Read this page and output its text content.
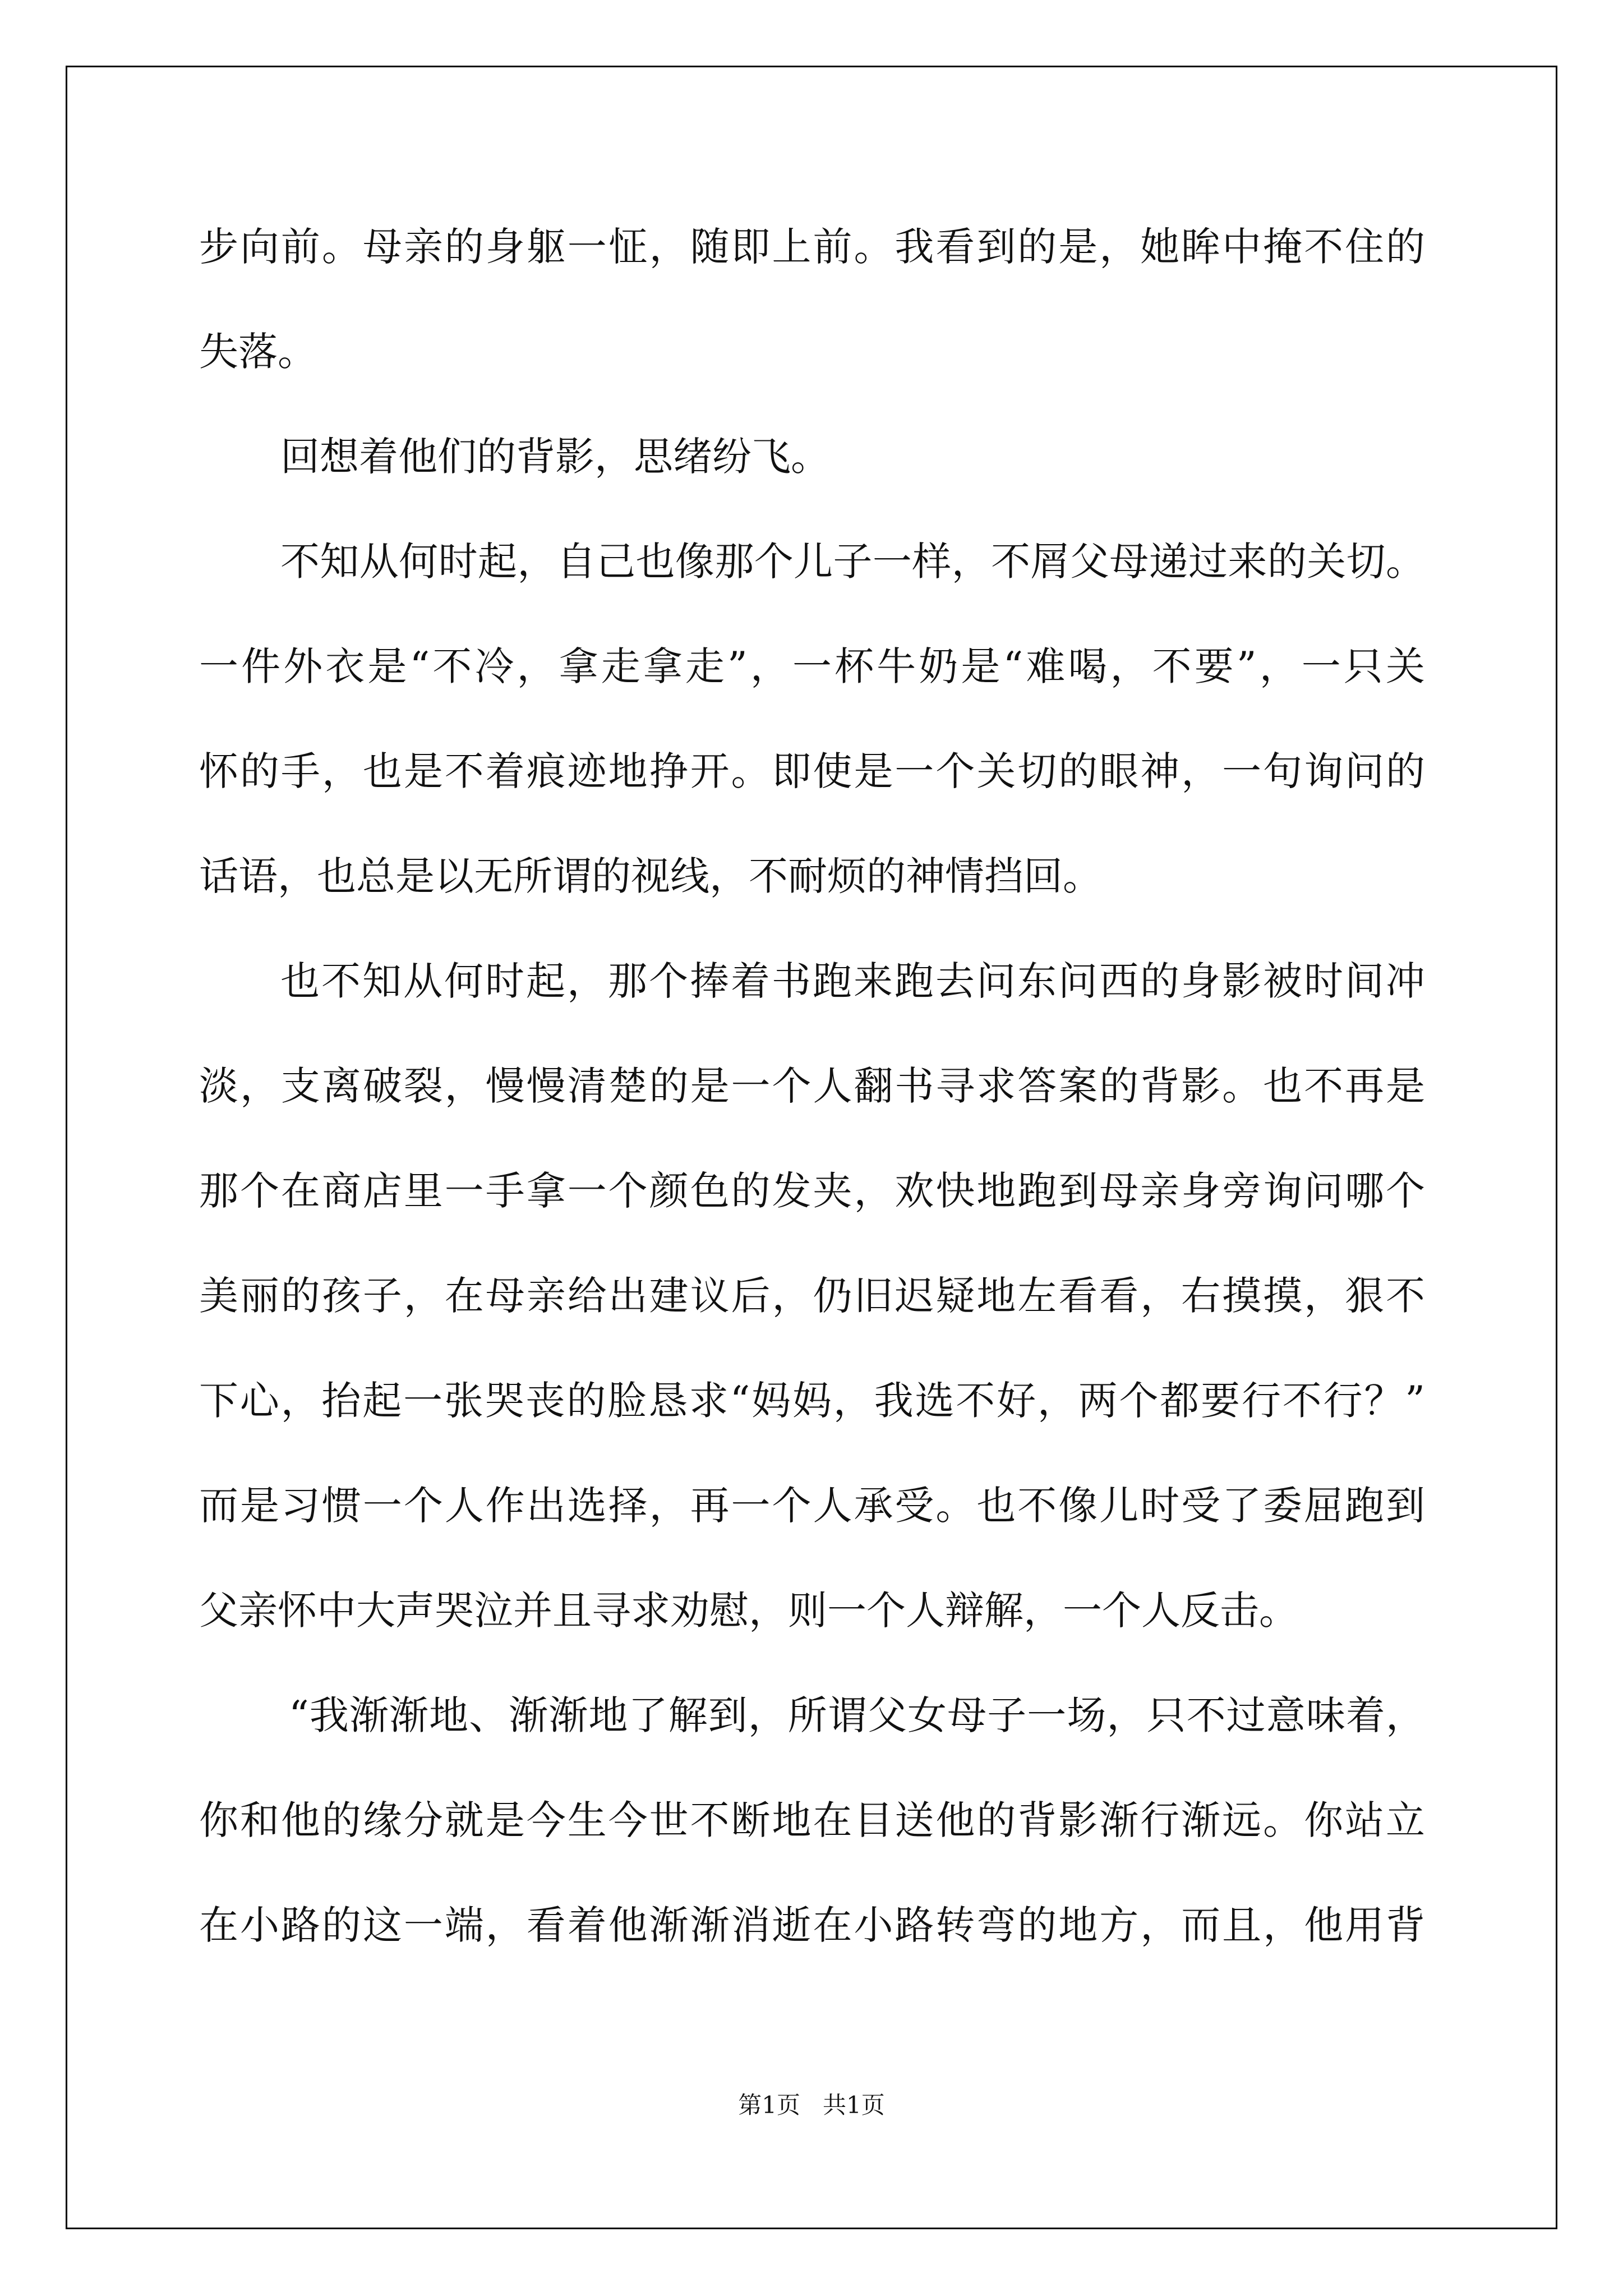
步向前。母亲的身躯一怔，随即上前。我看到的是，她眸中掩不住的
失落。
回想着他们的背影，思绪纷飞。
不知从何时起，自己也像那个儿子一样，不屑父母递过来的关切。
一件外衣是“不冷，拿走拿走”，一杯牛奶是“难喝，不要”，一只关
怀的手，也是不着痕迹地挣开。即使是一个关切的眼神，一句询问的
话语，也总是以无所谓的视线，不耐烦的神情挡回。
也不知从何时起，那个捧着书跑来跑去问东问西的身影被时间冲
淡，支离破裂，慢慢清楚的是一个人翻书寻求答案的背影。也不再是
那个在商店里一手拿一个颜色的发夹，欢快地跑到母亲身旁询问哪个
美丽的孩子，在母亲给出建议后，仍旧迟疑地左看看，右摸摸，狠不
下心，抬起一张哭丧的脸恳求“妈妈，我选不好，两个都要行不行？”
而是习惯一个人作出选择，再一个人承受。也不像儿时受了委屈跑到
父亲怀中大声哭泣并且寻求劝慰，则一个人辩解，一个人反击。
“我渐渐地、渐渐地了解到，所谓父女母子一场，只不过意味着，
你和他的缘分就是今生今世不断地在目送他的背影渐行渐远。你站立
在小路的这一端，看着他渐渐消逝在小路转弯的地方，而且，他用背
第1页   共1页
